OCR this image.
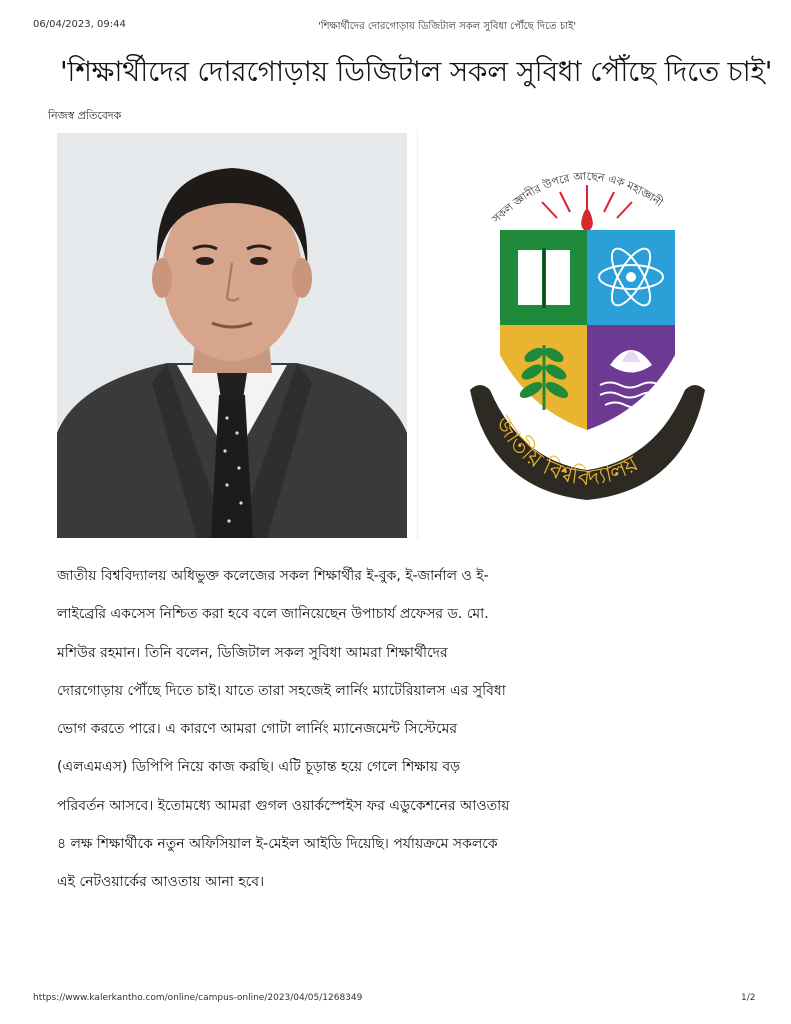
06/04/2023, 09:44	'শিক্ষার্থীদের দোরগোড়ায় ডিজিটাল সকল সুবিধা পৌঁছে দিতে চাই'
'শিক্ষার্থীদের দোরগোড়ায় ডিজিটাল সকল সুবিধা পৌঁছে দিতে চাই'
নিজস্ব প্রতিবেদক
সকল জ্ঞানীর উপরে আছেন এক মহাজ্ঞানী
জাতীয় বিশ্ববিদ্যালয়
জাতীয় বিশ্ববিদ্যালয় অধিভুক্ত কলেজের সকল শিক্ষার্থীর ই-বুক, ই-জার্নাল ও ই-
লাইব্রেরি একসেস নিশ্চিত করা হবে বলে জানিয়েছেন উপাচার্য প্রফেসর ড. মো.
মশিউর রহমান। তিনি বলেন, ডিজিটাল সকল সুবিধা আমরা শিক্ষার্থীদের
দোরগোড়ায় পৌঁছে দিতে চাই। যাতে তারা সহজেই লার্নিং ম্যাটেরিয়ালস এর সুবিধা
ভোগ করতে পারে। এ কারণে আমরা গোটা লার্নিং ম্যানেজমেন্ট সিস্টেমের
(এলএমএস) ডিপিপি নিয়ে কাজ করছি। এটি চূড়ান্ত হয়ে গেলে শিক্ষায় বড়
পরিবর্তন আসবে। ইতোমধ্যে আমরা গুগল ওয়ার্কস্পেইস ফর এডুকেশনের আওতায়
৪ লক্ষ শিক্ষার্থীকে নতুন অফিসিয়াল ই-মেইল আইডি দিয়েছি। পর্যায়ক্রমে সকলকে
এই নেটওয়ার্কের আওতায় আনা হবে।
https://www.kalerkantho.com/online/campus-online/2023/04/05/1268349	1/2
